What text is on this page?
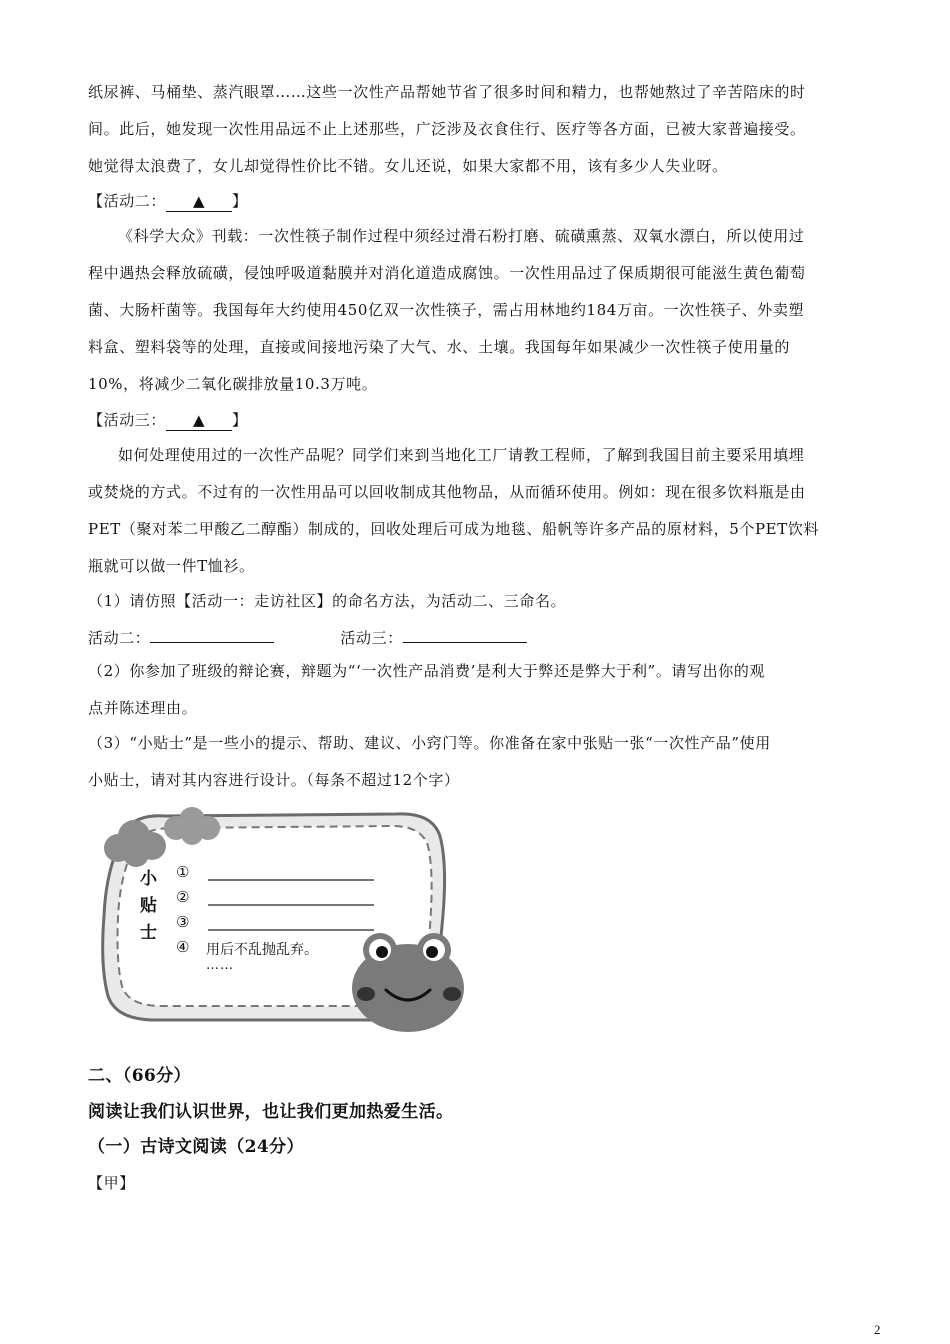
纸尿裤、马桶垫、蒸汽眼罩……这些一次性产品帮她节省了很多时间和精力，也帮她熬过了辛苦陪床的时
间。此后，她发现一次性用品远不止上述那些，广泛涉及衣食住行、医疗等各方面，已被大家普遍接受。
她觉得太浪费了，女儿却觉得性价比不错。女儿还说，如果大家都不用，该有多少人失业呀。
【活动二： ▲ 】
《科学大众》刊载：一次性筷子制作过程中须经过滑石粉打磨、硫磺熏蒸、双氧水漂白，所以使用过
程中遇热会释放硫磺，侵蚀呼吸道黏膜并对消化道造成腐蚀。一次性用品过了保质期很可能滋生黄色葡萄
菌、大肠杆菌等。我国每年大约使用450亿双一次性筷子，需占用林地约184万亩。一次性筷子、外卖塑
料盒、塑料袋等的处理，直接或间接地污染了大气、水、土壤。我国每年如果减少一次性筷子使用量的
10%，将减少二氧化碳排放量10.3万吨。
【活动三： ▲ 】
如何处理使用过的一次性产品呢？同学们来到当地化工厂请教工程师，了解到我国目前主要采用填埋
或焚烧的方式。不过有的一次性用品可以回收制成其他物品，从而循环使用。例如：现在很多饮料瓶是由
PET（聚对苯二甲酸乙二醇酯）制成的，回收处理后可成为地毯、船帆等许多产品的原材料，5个PET饮料
瓶就可以做一件T恤衫。
（1）请仿照【活动一：走访社区】的命名方法，为活动二、三命名。
活动二：	活动三：
（2）你参加了班级的辩论赛，辩题为“‘一次性产品消费’是利大于弊还是弊大于利”。请写出你的观
点并陈述理由。
（3）“小贴士”是一些小的提示、帮助、建议、小窍门等。你准备在家中张贴一张“一次性产品”使用
小贴士，请对其内容进行设计。（每条不超过12个字）
小
贴
士
①
②
③
④ 用后不乱抛乱弃。
……
二、（66分）
阅读让我们认识世界，也让我们更加热爱生活。
（一）古诗文阅读（24分）
【甲】
2
